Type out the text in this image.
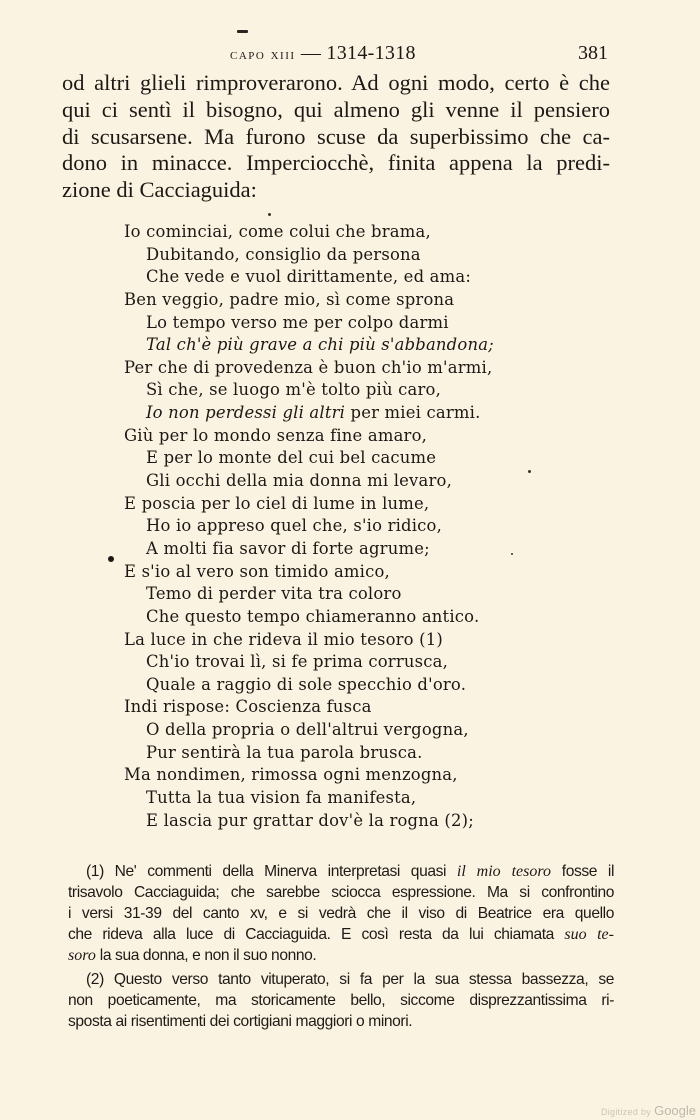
capo xiii — 1314-1318	381
od altri glieli rimproverarono. Ad ogni modo, certo è che
qui ci sentì il bisogno, qui almeno gli venne il pensiero
di scusarsene. Ma furono scuse da superbissimo che ca-
dono in minacce. Imperciocchè, finita appena la predi-
zione di Cacciaguida:
Io cominciai, come colui che brama,
Dubitando, consiglio da persona
Che vede e vuol dirittamente, ed ama:
Ben veggio, padre mio, sì come sprona
Lo tempo verso me per colpo darmi
Tal ch'è più grave a chi più s'abbandona;
Per che di provedenza è buon ch'io m'armi,
Sì che, se luogo m'è tolto più caro,
Io non perdessi gli altri per miei carmi.
Giù per lo mondo senza fine amaro,
E per lo monte del cui bel cacume
Gli occhi della mia donna mi levaro,
E poscia per lo ciel di lume in lume,
Ho io appreso quel che, s'io ridico,
A molti fia savor di forte agrume;
E s'io al vero son timido amico,
Temo di perder vita tra coloro
Che questo tempo chiameranno antico.
La luce in che rideva il mio tesoro (1)
Ch'io trovai lì, si fe prima corrusca,
Quale a raggio di sole specchio d'oro.
Indi rispose: Coscienza fusca
O della propria o dell'altrui vergogna,
Pur sentirà la tua parola brusca.
Ma nondimen, rimossa ogni menzogna,
Tutta la tua vision fa manifesta,
E lascia pur grattar dov'è la rogna (2);
(1) Ne' commenti della Minerva interpretasi quasi il mio tesoro fosse il
trisavolo Cacciaguida; che sarebbe sciocca espressione. Ma si confrontino
i versi 31-39 del canto xv, e si vedrà che il viso di Beatrice era quello
che rideva alla luce di Cacciaguida. E così resta da lui chiamata suo te-
soro la sua donna, e non il suo nonno.
(2) Questo verso tanto vituperato, si fa per la sua stessa bassezza, se
non poeticamente, ma storicamente bello, siccome disprezzantissima ri-
sposta ai risentimenti dei cortigiani maggiori o minori.
Digitized by Google
